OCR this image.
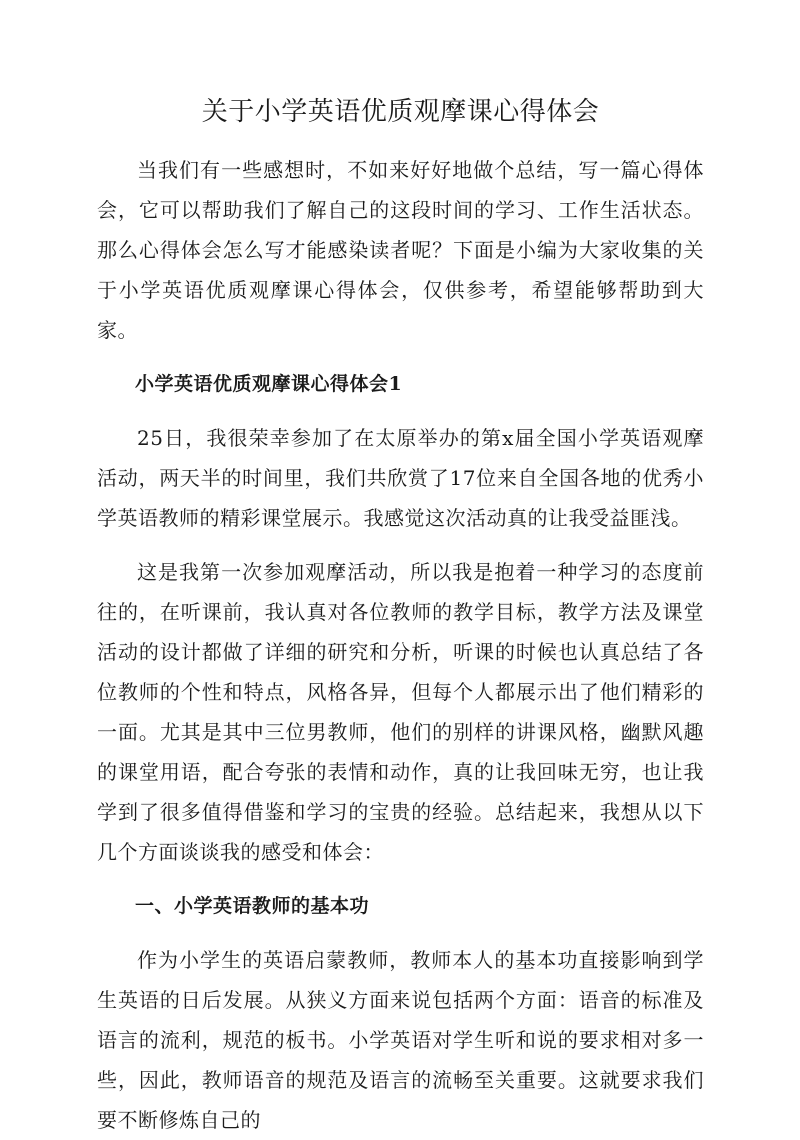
关于小学英语优质观摩课心得体会

当我们有一些感想时，不如来好好地做个总结，写一篇心得体会，它可以帮助我们了解自己的这段时间的学习、工作生活状态。那么心得体会怎么写才能感染读者呢？下面是小编为大家收集的关于小学英语优质观摩课心得体会，仅供参考，希望能够帮助到大家。

小学英语优质观摩课心得体会1

25日，我很荣幸参加了在太原举办的第x届全国小学英语观摩活动，两天半的时间里，我们共欣赏了17位来自全国各地的优秀小学英语教师的精彩课堂展示。我感觉这次活动真的让我受益匪浅。

这是我第一次参加观摩活动，所以我是抱着一种学习的态度前往的，在听课前，我认真对各位教师的教学目标，教学方法及课堂活动的设计都做了详细的研究和分析，听课的时候也认真总结了各位教师的个性和特点，风格各异，但每个人都展示出了他们精彩的一面。尤其是其中三位男教师，他们的别样的讲课风格，幽默风趣的课堂用语，配合夸张的表情和动作，真的让我回味无穷，也让我学到了很多值得借鉴和学习的宝贵的经验。总结起来，我想从以下几个方面谈谈我的感受和体会：

一、小学英语教师的基本功

作为小学生的英语启蒙教师，教师本人的基本功直接影响到学生英语的日后发展。从狭义方面来说包括两个方面：语音的标准及语言的流利，规范的板书。小学英语对学生听和说的要求相对多一些，因此，教师语音的规范及语言的流畅至关重要。这就要求我们要不断修炼自己的
